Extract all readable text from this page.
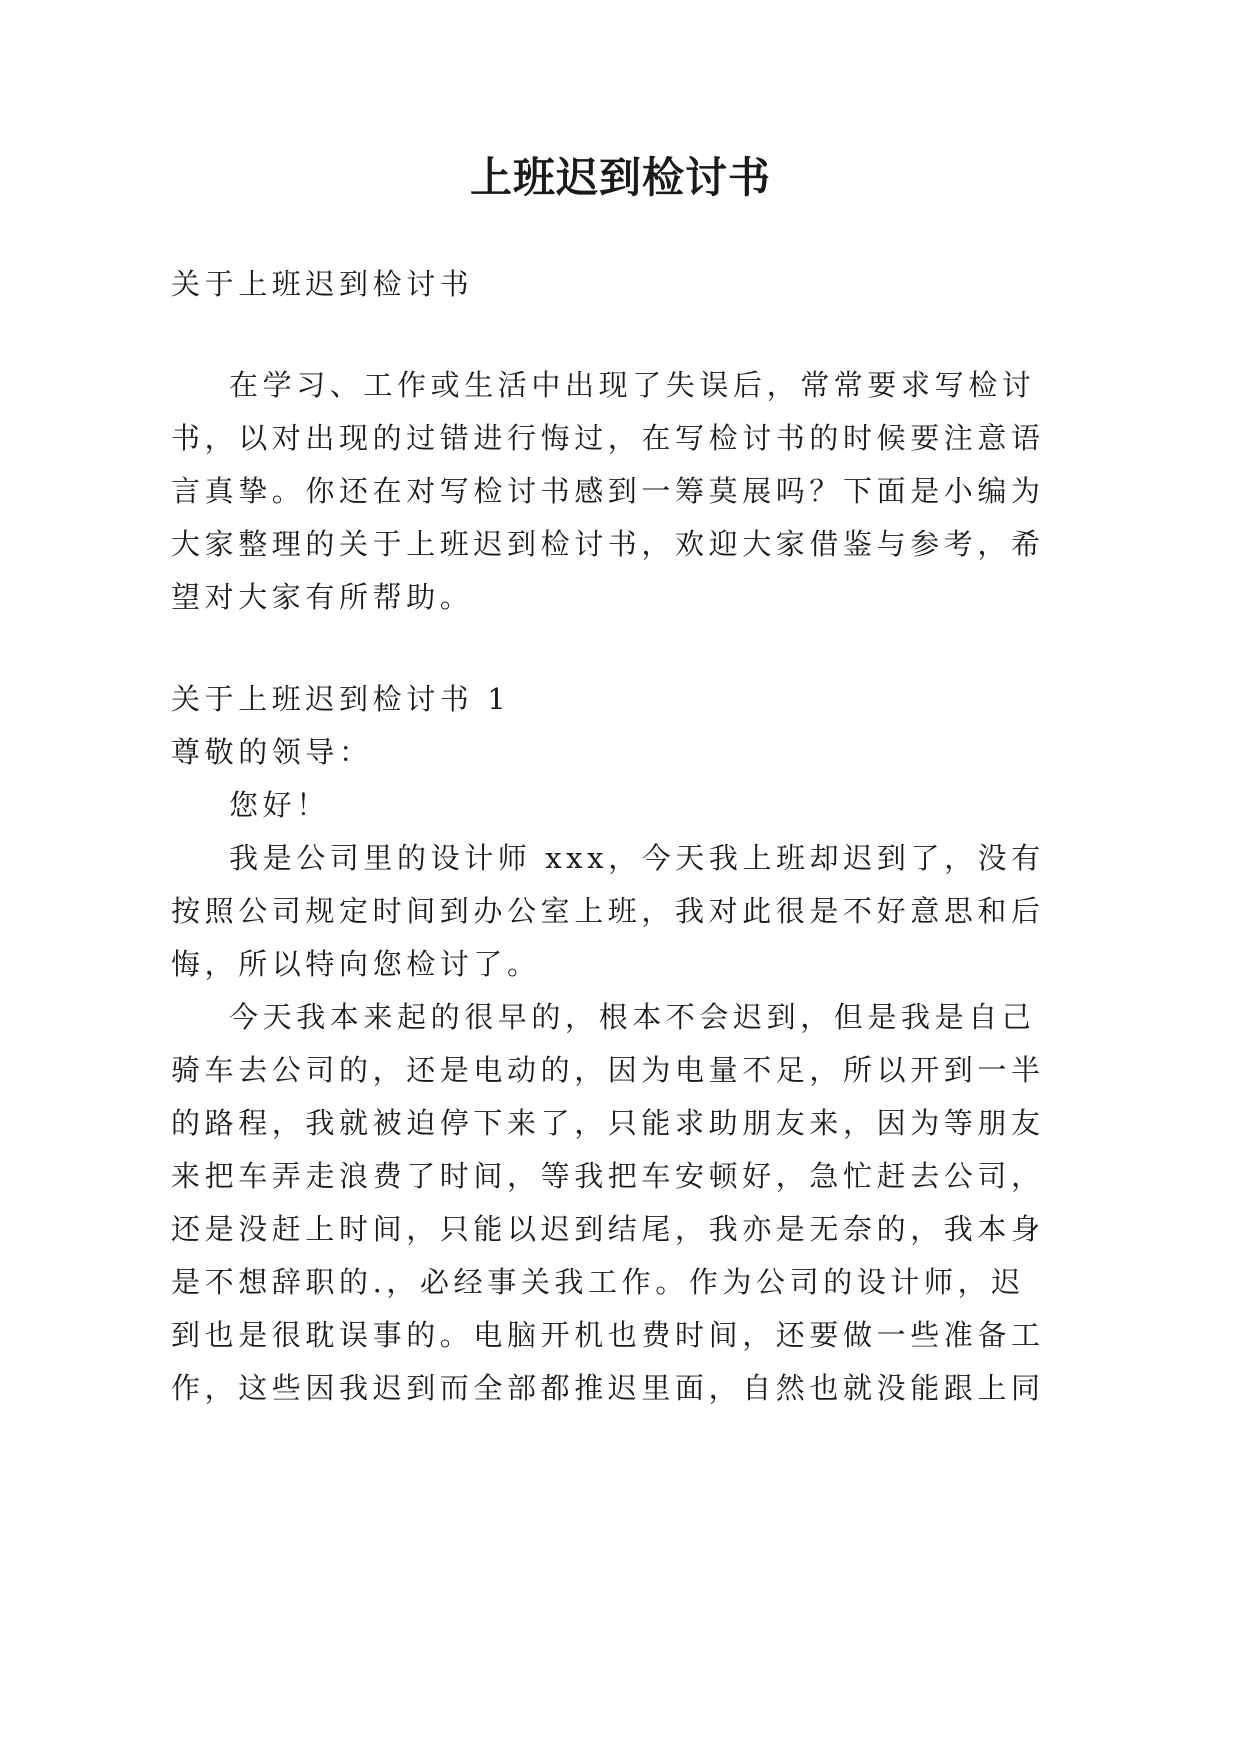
上班迟到检讨书

关于上班迟到检讨书

在学习、工作或生活中出现了失误后，常常要求写检讨

书，以对出现的过错进行悔过，在写检讨书的时候要注意语

言真挚。你还在对写检讨书感到一筹莫展吗？下面是小编为

大家整理的关于上班迟到检讨书，欢迎大家借鉴与参考，希

望对大家有所帮助。

关于上班迟到检讨书 1

尊敬的领导：

您好！

我是公司里的设计师 xxx，今天我上班却迟到了，没有

按照公司规定时间到办公室上班，我对此很是不好意思和后

悔，所以特向您检讨了。

今天我本来起的很早的，根本不会迟到，但是我是自己

骑车去公司的，还是电动的，因为电量不足，所以开到一半

的路程，我就被迫停下来了，只能求助朋友来，因为等朋友

来把车弄走浪费了时间，等我把车安顿好，急忙赶去公司，

还是没赶上时间，只能以迟到结尾，我亦是无奈的，我本身

是不想辞职的.，必经事关我工作。作为公司的设计师，迟

到也是很耽误事的。电脑开机也费时间，还要做一些准备工

作，这些因我迟到而全部都推迟里面，自然也就没能跟上同
